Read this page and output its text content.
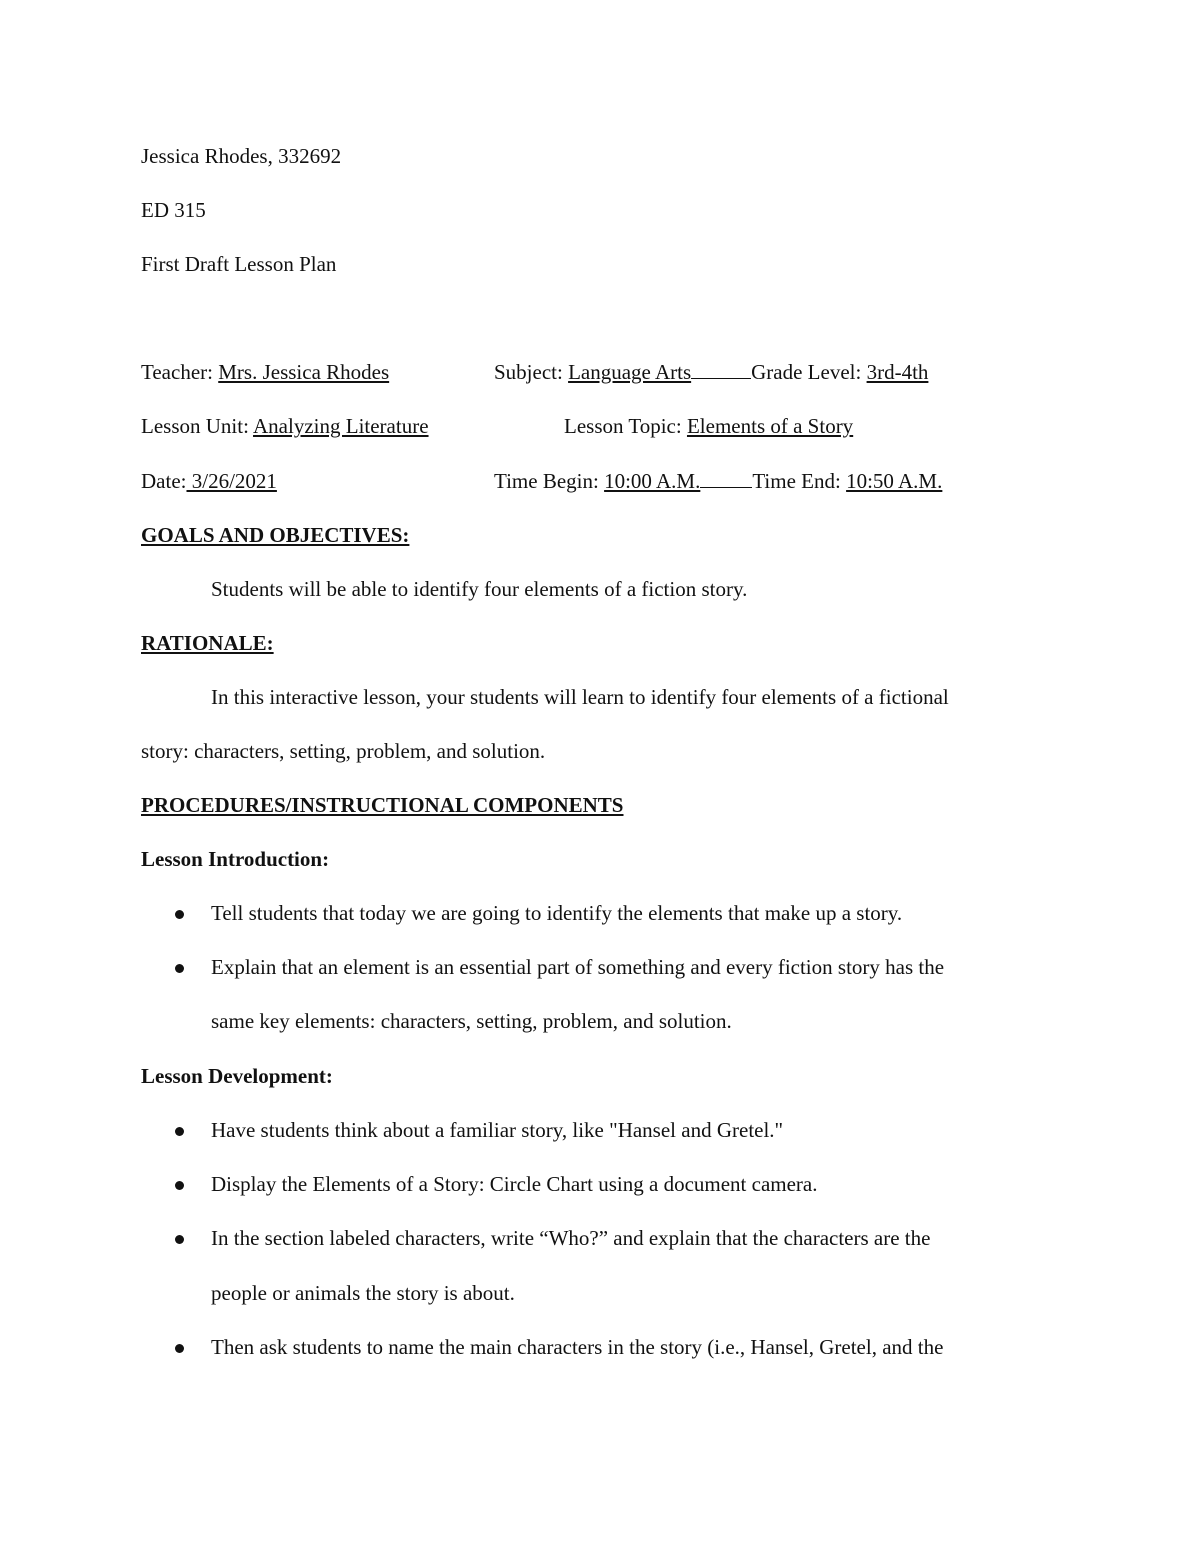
Jessica Rhodes, 332692
ED 315
First Draft Lesson Plan
Teacher: Mrs. Jessica Rhodes	Subject: Language Arts	Grade Level: 3rd-4th
Lesson Unit: Analyzing Literature	Lesson Topic: Elements of a Story
Date: 3/26/2021	Time Begin: 10:00 A.M. Time End: 10:50 A.M.
GOALS AND OBJECTIVES:
Students will be able to identify four elements of a fiction story.
RATIONALE:
In this interactive lesson, your students will learn to identify four elements of a fictional
story: characters, setting, problem, and solution.
PROCEDURES/INSTRUCTIONAL COMPONENTS
Lesson Introduction:
Tell students that today we are going to identify the elements that make up a story.
Explain that an element is an essential part of something and every fiction story has the
same key elements: characters, setting, problem, and solution.
Lesson Development:
Have students think about a familiar story, like "Hansel and Gretel."
Display the Elements of a Story: Circle Chart using a document camera.
In the section labeled characters, write “Who?” and explain that the characters are the
people or animals the story is about.
Then ask students to name the main characters in the story (i.e., Hansel, Gretel, and the
